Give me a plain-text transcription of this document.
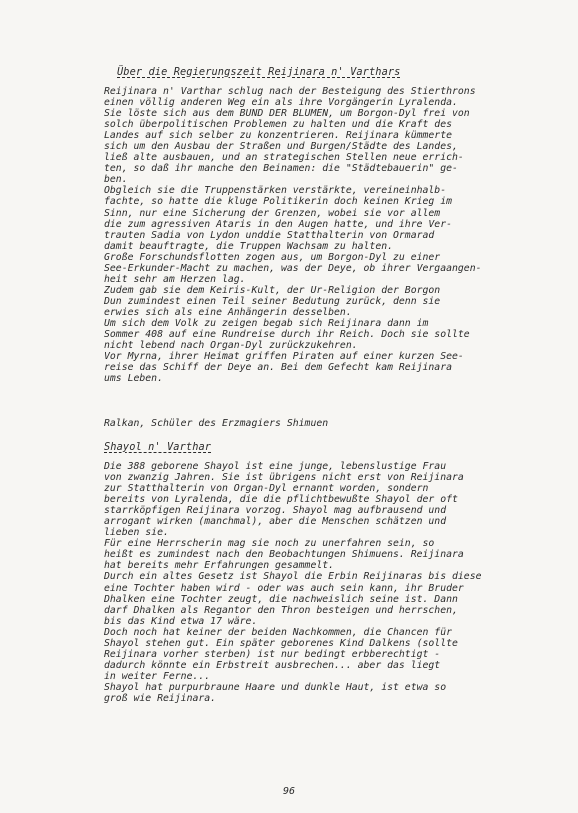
Über die Regierungszeit Reijinara n' Varthars
Reijinara n' Varthar schlug nach der Besteigung des Stierthrons
einen völlig anderen Weg ein als ihre Vorgängerin Lyralenda.
Sie löste sich aus dem BUND DER BLUMEN, um Borgon-Dyl frei von
solch überpolitischen Problemen zu halten und die Kraft des
Landes auf sich selber zu konzentrieren. Reijinara kümmerte
sich um den Ausbau der Straßen und Burgen/Städte des Landes,
ließ alte ausbauen, und an strategischen Stellen neue errich-
ten, so daß ihr manche den Beinamen: die "Städtebauerin" ge-
ben.
Obgleich sie die Truppenstärken verstärkte, vereineinhalb-
fachte, so hatte die kluge Politikerin doch keinen Krieg im
Sinn, nur eine Sicherung der Grenzen, wobei sie vor allem
die zum agressiven Ataris in den Augen hatte, und ihre Ver-
trauten Sadia von Lydon unddie Statthalterin von Ormarad
damit beauftragte, die Truppen Wachsam zu halten.
Große Forschundsflotten zogen aus, um Borgon-Dyl zu einer
See-Erkunder-Macht zu machen, was der Deye, ob ihrer Vergaangen-
heit sehr am Herzen lag.
Zudem gab sie dem Keiris-Kult, der Ur-Religion der Borgon
Dun zumindest einen Teil seiner Bedutung zurück, denn sie
erwies sich als eine Anhängerin desselben.
Um sich dem Volk zu zeigen begab sich Reijinara dann im
Sommer 408 auf eine Rundreise durch ihr Reich. Doch sie sollte
nicht lebend nach Organ-Dyl zurückzukehren.
Vor Myrna, ihrer Heimat griffen Piraten auf einer kurzen See-
reise das Schiff der Deye an. Bei dem Gefecht kam Reijinara
ums Leben.
Ralkan, Schüler des Erzmagiers Shimuen
Shayol n' Varthar
Die 388 geborene Shayol ist eine junge, lebenslustige Frau
von zwanzig Jahren. Sie ist übrigens nicht erst von Reijinara
zur Statthalterin von Organ-Dyl ernannt worden, sondern
bereits von Lyralenda, die die pflichtbewußte Shayol der oft
starrköpfigen Reijinara vorzog. Shayol mag aufbrausend und
arrogant wirken (manchmal), aber die Menschen schätzen und
lieben sie.
Für eine Herrscherin mag sie noch zu unerfahren sein, so
heißt es zumindest nach den Beobachtungen Shimuens. Reijinara
hat bereits mehr Erfahrungen gesammelt.
Durch ein altes Gesetz ist Shayol die Erbin Reijinaras bis diese
eine Tochter haben wird - oder was auch sein kann, ihr Bruder
Dhalken eine Tochter zeugt, die nachweislich seine ist. Dann
darf Dhalken als Regantor den Thron besteigen und herrschen,
bis das Kind etwa 17 wäre.
Doch noch hat keiner der beiden Nachkommen, die Chancen für
Shayol stehen gut. Ein später geborenes Kind Dalkens (sollte
Reijinara vorher sterben) ist nur bedingt erbberechtigt -
dadurch könnte ein Erbstreit ausbrechen... aber das liegt
in weiter Ferne...
Shayol hat purpurbraune Haare und dunkle Haut, ist etwa so
groß wie Reijinara.
96
